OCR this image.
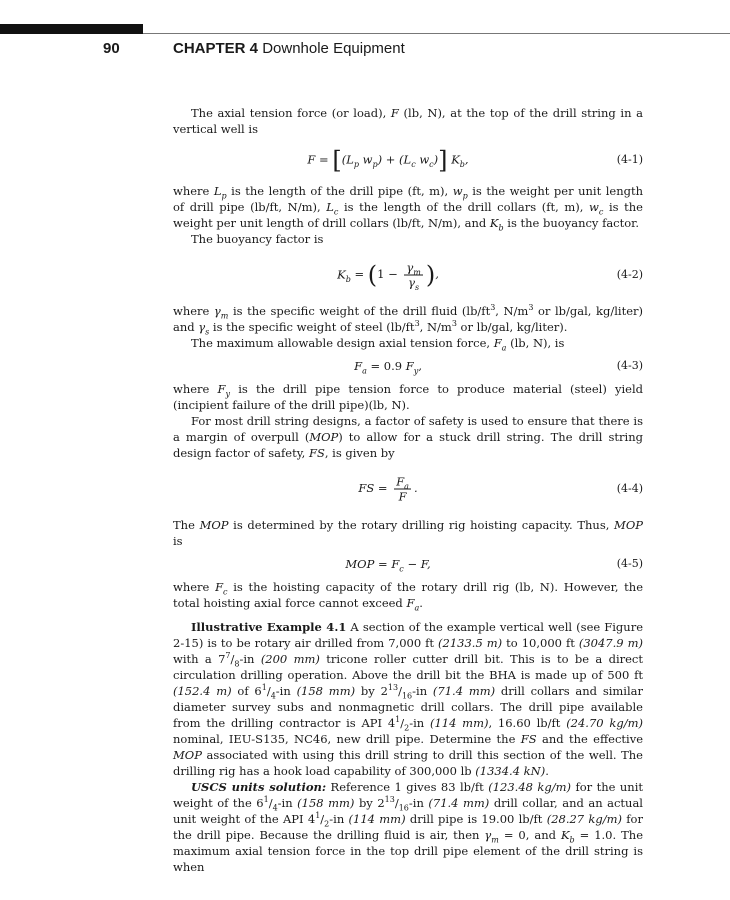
90	CHAPTER 4 Downhole Equipment

The axial tension force (or load), F (lb, N), at the top of the drill string in a vertical well is

$F = [(L_p$ $w_p) + (L_c$ $w_c$)] $K_b$,	(4-1)

where $L_p$ is the length of the drill pipe (ft, m), $w_p$ is the weight per unit length of drill pipe (lb/ft, N/m), $L_c$ is the length of the drill collars (ft, m), $w_c$ is the weight per unit length of drill collars (lb/ft, N/m), and $K_b$ is the buoyancy factor.

The buoyancy factor is

$K_b = (1 - \frac{\gamma_m}{\gamma_s}$ ),	(4-2)

where $\gamma_m$ is the specific weight of the drill fluid ($lb/ft^3$, $N/m^3$ or lb/gal, kg/liter) and $\gamma_s$ is the specific weight of steel ($lb/ft^3$, $N/m^3$ or lb/gal, kg/liter).

The maximum allowable design axial tension force, $F_a$ (lb, N), is

$F_a = 0.9$ $F_y$,	(4-3)

where $F_y$ is the drill pipe tension force to produce material (steel) yield (incipient failure of the drill pipe)(lb, N).

For most drill string designs, a factor of safety is used to ensure that there is a margin of overpull (MOP) to allow for a stuck drill string. The drill string design factor of safety, FS, is given by

FS = $\frac{F_a}{F}$ .	(4-4)

The MOP is determined by the rotary drilling rig hoisting capacity. Thus, MOP is

MOP = $F_c - F$,	(4-5)

where $F_c$ is the hoisting capacity of the rotary drill rig (lb, N). However, the total hoisting axial force cannot exceed $F_a$.

Illustrative Example 4.1 A section of the example vertical well (see Figure 2-15) is to be rotary air drilled from 7,000 ft (2133.5 m) to 10,000 ft (3047.9 m) with a $7^7/_8-in$ (200 mm) tricone roller cutter drill bit. This is to be a direct circulation drilling operation. Above the drill bit the BHA is made up of 500 ft (152.4 m) of $6^1/_4-in$ (158 mm) by $2^{13}/_{16}-in$ (71.4 mm) drill collars and similar diameter survey subs and nonmagnetic drill collars. The drill pipe available from the drilling contractor is API $4^1/_2-in$ (114 mm), 16.60 lb/ft (24.70 kg/m) nominal, IEU-S135, NC46, new drill pipe. Determine the FS and the effective MOP associated with using this drill string to drill this section of the well. The drilling rig has a hook load capability of 300,000 lb (1334.4 kN).

USCS units solution: Reference 1 gives 83 lb/ft (123.48 kg/m) for the unit weight of the $6^1/_4-in$ (158 mm) by $2^{13}/_{16}-in$ (71.4 mm) drill collar, and an actual unit weight of the API $4^1/_2-in$ (114 mm) drill pipe is 19.00 lb/ft (28.27 kg/m) for the drill pipe. Because the drilling fluid is air, then $\gamma_m = 0$, and $K_b = 1.0$. The maximum axial tension force in the top drill pipe element of the drill string is when
